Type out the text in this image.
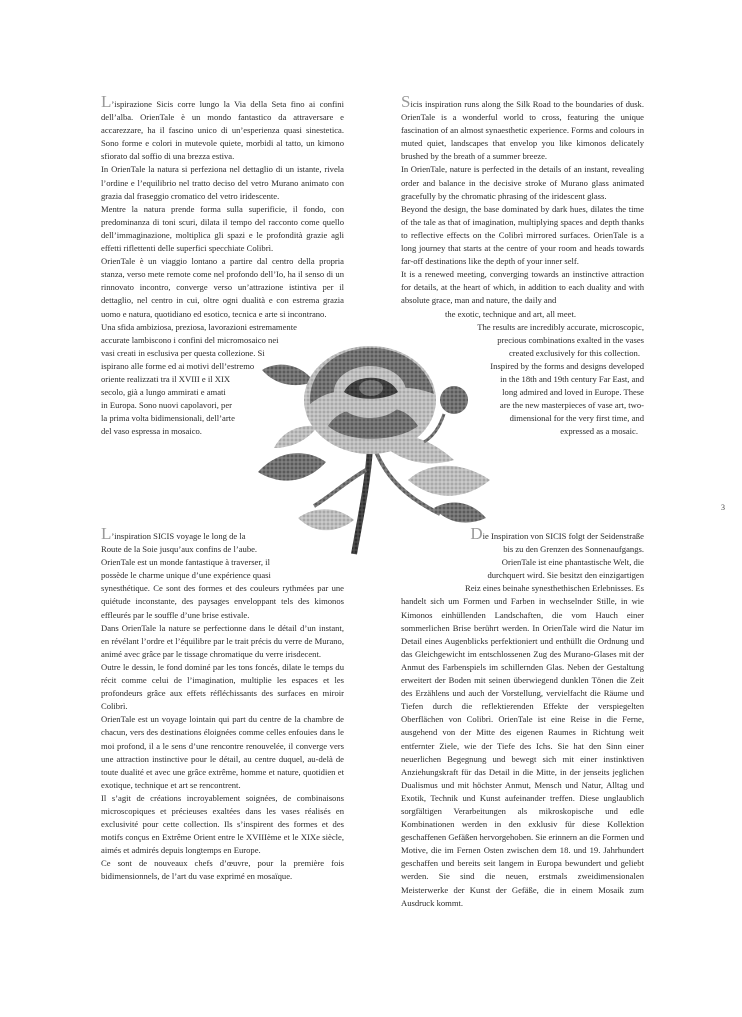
L’ispirazione Sicis corre lungo la Via della Seta fino ai confini dell’alba. OrienTale è un mondo fantastico da attraversare e accarezzare, ha il fascino unico di un’esperienza quasi sinestetica. Sono forme e colori in mutevole quiete, morbidi al tatto, un kimono sfiorato dal soffio di una brezza estiva.

In OrienTale la natura si perfeziona nel dettaglio di un istante, rivela l’ordine e l’equilibrio nel tratto deciso del vetro Murano animato con grazia dal fraseggio cromatico del vetro iridescente.

Mentre la natura prende forma sulla superificie, il fondo, con predominanza di toni scuri, dilata il tempo del racconto come quello dell’immaginazione, moltiplica gli spazi e le profondità grazie agli effetti riflettenti delle superfici specchiate Colibrì.

OrienTale è un viaggio lontano a partire dal centro della propria stanza, verso mete remote come nel profondo dell’Io, ha il senso di un rinnovato incontro, converge verso un’attrazione istintiva per il dettaglio, nel centro in cui, oltre ogni dualità e con estrema grazia uomo e natura, quotidiano ed esotico, tecnica e arte si incontrano.

Una sfida ambiziosa, preziosa, lavorazioni estremamente
accurate lambiscono i confini del micromosaico nei
vasi creati in esclusiva per questa collezione. Si
ispirano alle forme ed ai motivi dell’estremo
oriente realizzati tra il XVIII e il XIX
secolo, già a lungo ammirati e amati
in Europa. Sono nuovi capolavori, per
la prima volta bidimensionali, dell’arte
del vaso espressa in mosaico.

Sicis inspiration runs along the Silk Road to the boundaries of dusk. OrienTale is a wonderful world to cross, featuring the unique fascination of an almost synaesthetic experience. Forms and colours in muted quiet, landscapes that envelop you like kimonos delicately brushed by the breath of a summer breeze.

In OrienTale, nature is perfected in the details of an instant, revealing order and balance in the decisive stroke of Murano glass animated gracefully by the chromatic phrasing of the iridescent glass.

Beyond the design, the base dominated by dark hues, dilates the time of the tale as that of imagination, multiplying spaces and depth thanks to reflective effects on the Colibrì mirrored surfaces. OrienTale is a long journey that starts at the centre of your room and heads towards far-off destinations like the depth of your inner self.

It is a renewed meeting, converging towards an instinctive attraction for details, at the heart of which, in addition to each duality and with absolute grace, man and nature, the daily and

the exotic, technique and art, all meet.
The results are incredibly accurate, microscopic,
precious combinations exalted in the vases
created exclusively for this collection.
Inspired by the forms and designs developed
in the 18th and 19th century Far East, and
long admired and loved in Europe. These
are the new masterpieces of vase art, two-
dimensional for the very first time, and
expressed as a mosaic.
L’inspiration SICIS voyage le long de la
Route de la Soie jusqu’aux confins de l’aube.
OrienTale est un monde fantastique à traverser, il
possède le charme unique d’une expérience quasi

synesthétique. Ce sont des formes et des couleurs rythmées par une quiétude inconstante, des paysages enveloppant tels des kimonos effleurés par le souffle d’une brise estivale.

Dans OrienTale la nature se perfectionne dans le détail d’un instant, en révélant l’ordre et l’équilibre par le trait précis du verre de Murano, animé avec grâce par le tissage chromatique du verre irisdecent.

Outre le dessin, le fond dominé par les tons foncés, dilate le temps du récit comme celui de l’imagination, multiplie les espaces et les profondeurs grâce aux effets réfléchissants des surfaces en miroir Colibrì.

OrienTale est un voyage lointain qui part du centre de la chambre de chacun, vers des destinations éloignées comme celles enfouies dans le moi profond, il a le sens d’une rencontre renouvelée, il converge vers une attraction instinctive pour le détail, au centre duquel, au-delà de toute dualité et avec une grâce extrême, homme et nature, quotidien et exotique, technique et art se rencontrent.

Il s’agit de créations incroyablement soignées, de combinaisons microscopiques et précieuses exaltées dans les vases réalisés en exclusivité pour cette collection. Ils s’inspirent des formes et des motifs conçus en Extrême Orient entre le XVIIIème et le XIXe siècle, aimés et admirés depuis longtemps en Europe.

Ce sont de nouveaux chefs d’œuvre, pour la première fois bidimensionnels, de l’art du vase exprimé en mosaïque.

Die Inspiration von SICIS folgt der Seidenstraße
bis zu den Grenzen des Sonnenaufgangs.
OrienTale ist eine phantastische Welt, die
durchquert wird. Sie besitzt den einzigartigen
Reiz eines beinahe synesthethischen Erlebnisses. Es

handelt sich um Formen und Farben in wechselnder Stille, in wie Kimonos einhüllenden Landschaften, die vom Hauch einer sommerlichen Brise berührt werden. In OrienTale wird die Natur im Detail eines Augenblicks perfektioniert und enthüllt die Ordnung und das Gleichgewicht im entschlossenen Zug des Murano-Glases mit der Anmut des Farbenspiels im schillernden Glas. Neben der Gestaltung erweitert der Boden mit seinen überwiegend dunklen Tönen die Zeit des Erzählens und auch der Vorstellung, vervielfacht die Räume und Tiefen durch die reflektierenden Effekte der verspiegelten Oberflächen von Colibrì. OrienTale ist eine Reise in die Ferne, ausgehend von der Mitte des eigenen Raumes in Richtung weit entfernter Ziele, wie der Tiefe des Ichs. Sie hat den Sinn einer neuerlichen Begegnung und bewegt sich mit einer instinktiven Anziehungskraft für das Detail in die Mitte, in der jenseits jeglichen Dualismus und mit höchster Anmut, Mensch und Natur, Alltag und Exotik, Technik und Kunst aufeinander treffen. Diese unglaublich sorgfältigen Verarbeitungen als mikroskopische und edle Kombinationen werden in den exklusiv für diese Kollektion geschaffenen Gefäßen hervorgehoben. Sie erinnern an die Formen und Motive, die im Fernen Osten zwischen dem 18. und 19. Jahrhundert geschaffen und bereits seit langem in Europa bewundert und geliebt werden. Sie sind die neuen, erstmals zweidimensionalen Meisterwerke der Kunst der Gefäße, die in einem Mosaik zum Ausdruck kommt.

3
